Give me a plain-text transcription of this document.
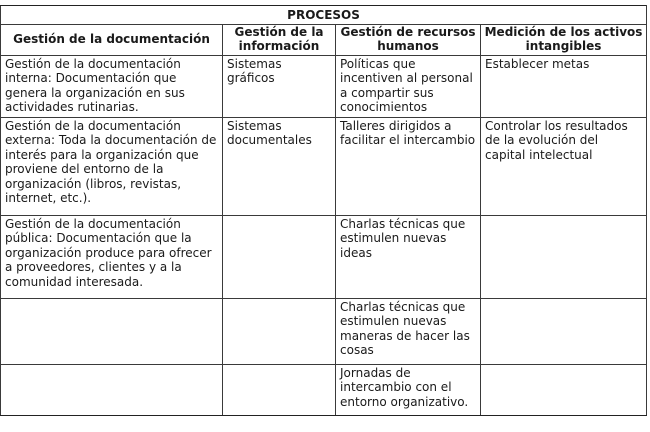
PROCESOS			
Gestión de la documentación	Gestión de la información	Gestión de recursos humanos	Medición de los activos intangibles
Gestión de la documentación interna: Documentación que genera la organización en sus actividades rutinarias.	Sistemas gráficos	Políticas que incentiven al personal a compartir sus conocimientos	Establecer metas
Gestión de la documentación externa: Toda la documentación de interés para la organización que proviene del entorno de la organización (libros, revistas, internet, etc.).	Sistemas documentales	Talleres dirigidos a facilitar el intercambio	Controlar los resultados de la evolución del capital intelectual
Gestión de la documentación pública: Documentación que la organización produce para ofrecer a proveedores, clientes y a la comunidad interesada.		Charlas técnicas que estimulen nuevas ideas	
		Charlas técnicas que estimulen nuevas maneras de hacer las cosas	
		Jornadas de intercambio con el entorno organizativo.	
